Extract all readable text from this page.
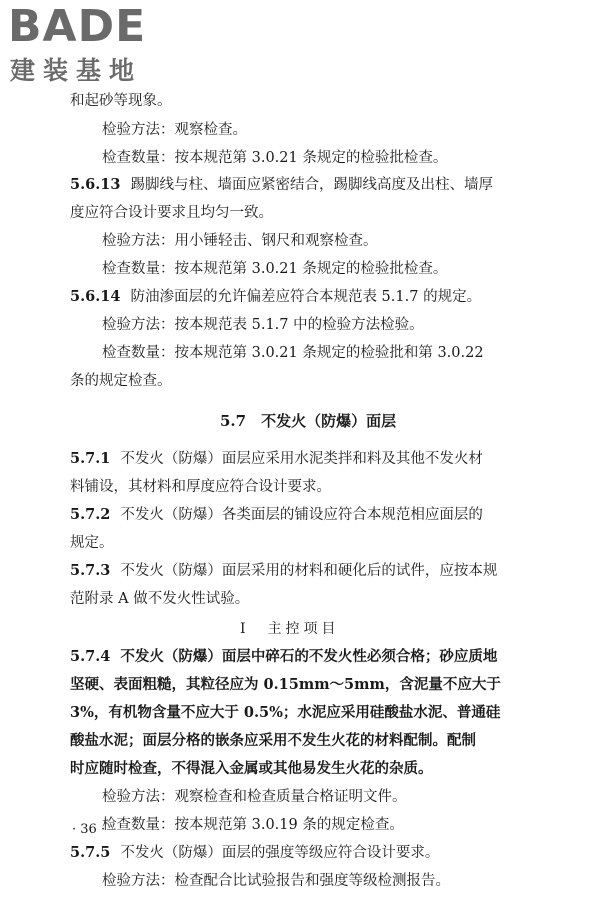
BADE
建装基地
和起砂等现象。
检验方法：观察检查。
检查数量：按本规范第 3.0.21 条规定的检验批检查。
5.6.13 踢脚线与柱、墙面应紧密结合，踢脚线高度及出柱、墙厚
度应符合设计要求且均匀一致。
检验方法：用小锤轻击、钢尺和观察检查。
检查数量：按本规范第 3.0.21 条规定的检验批检查。
5.6.14 防油渗面层的允许偏差应符合本规范表 5.1.7 的规定。
检验方法：按本规范表 5.1.7 中的检验方法检验。
检查数量：按本规范第 3.0.21 条规定的检验批和第 3.0.22
条的规定检查。
5.7　不发火（防爆）面层
5.7.1 不发火（防爆）面层应采用水泥类拌和料及其他不发火材
料铺设，其材料和厚度应符合设计要求。
5.7.2 不发火（防爆）各类面层的铺设应符合本规范相应面层的
规定。
5.7.3 不发火（防爆）面层采用的材料和硬化后的试件，应按本规
范附录 A 做不发火性试验。
Ⅰ　主控项目
5.7.4 不发火（防爆）面层中碎石的不发火性必须合格；砂应质地
坚硬、表面粗糙，其粒径应为 0.15mm～5mm，含泥量不应大于
3%，有机物含量不应大于 0.5%；水泥应采用硅酸盐水泥、普通硅
酸盐水泥；面层分格的嵌条应采用不发生火花的材料配制。配制
时应随时检查，不得混入金属或其他易发生火花的杂质。
检验方法：观察检查和检查质量合格证明文件。
检查数量：按本规范第 3.0.19 条的规定检查。
5.7.5 不发火（防爆）面层的强度等级应符合设计要求。
检验方法：检查配合比试验报告和强度等级检测报告。
· 36 ·
